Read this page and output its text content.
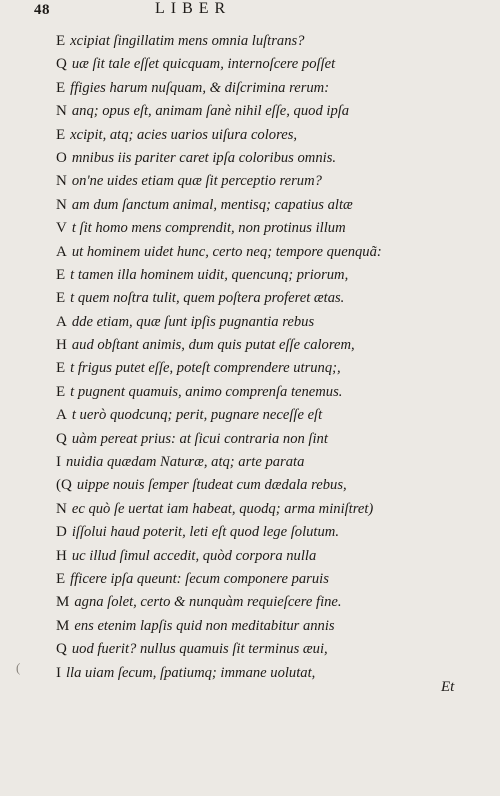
48	LIBER
(
E xcipiat ſingillatim mens omnia luſtrans?
Q uæ ſit tale eſſet quicquam, internoſcere poſſet
E ffigies harum nuſquam, & diſcrimina rerum:
N anq; opus eſt, animam ſanè nihil eſſe, quod ipſa
E xcipit, atq; acies uarios uiſura colores,
O mnibus iis pariter caret ipſa coloribus omnis.
N on'ne uides etiam quæ ſit perceptio rerum?
N am dum ſanctum animal, mentisq; capatius altæ
V t ſit homo mens comprendit, non protinus illum
A ut hominem uidet hunc, certo neq; tempore quenquã:
E t tamen illa hominem uidit, quencunq; priorum,
E t quem noſtra tulit, quem poſtera proferet ætas.
A dde etiam, quæ ſunt ipſis pugnantia rebus
H aud obſtant animis, dum quis putat eſſe calorem,
E t frigus putet eſſe, poteſt comprendere utrunq;,
E t pugnent quamuis, animo comprenſa tenemus.
A t uerò quodcunq; perit, pugnare neceſſe eſt
Q uàm pereat prius: at ſicui contraria non ſint
I nuidia quædam Naturæ, atq; arte parata
(Q uippe nouis ſemper ſtudeat cum dædala rebus,
N ec quò ſe uertat iam habeat, quodq; arma miniſtret)
D iſſolui haud poterit, leti eſt quod lege ſolutum.
H uc illud ſimul accedit, quòd corpora nulla
E fficere ipſa queunt: ſecum componere paruis
M agna ſolet, certo & nunquàm requieſcere fine.
M ens etenim lapſis quid non meditabitur annis
Q uod fuerit? nullus quamuis ſit terminus æui,
I lla uiam ſecum, ſpatiumq; immane uolutat,
Et
